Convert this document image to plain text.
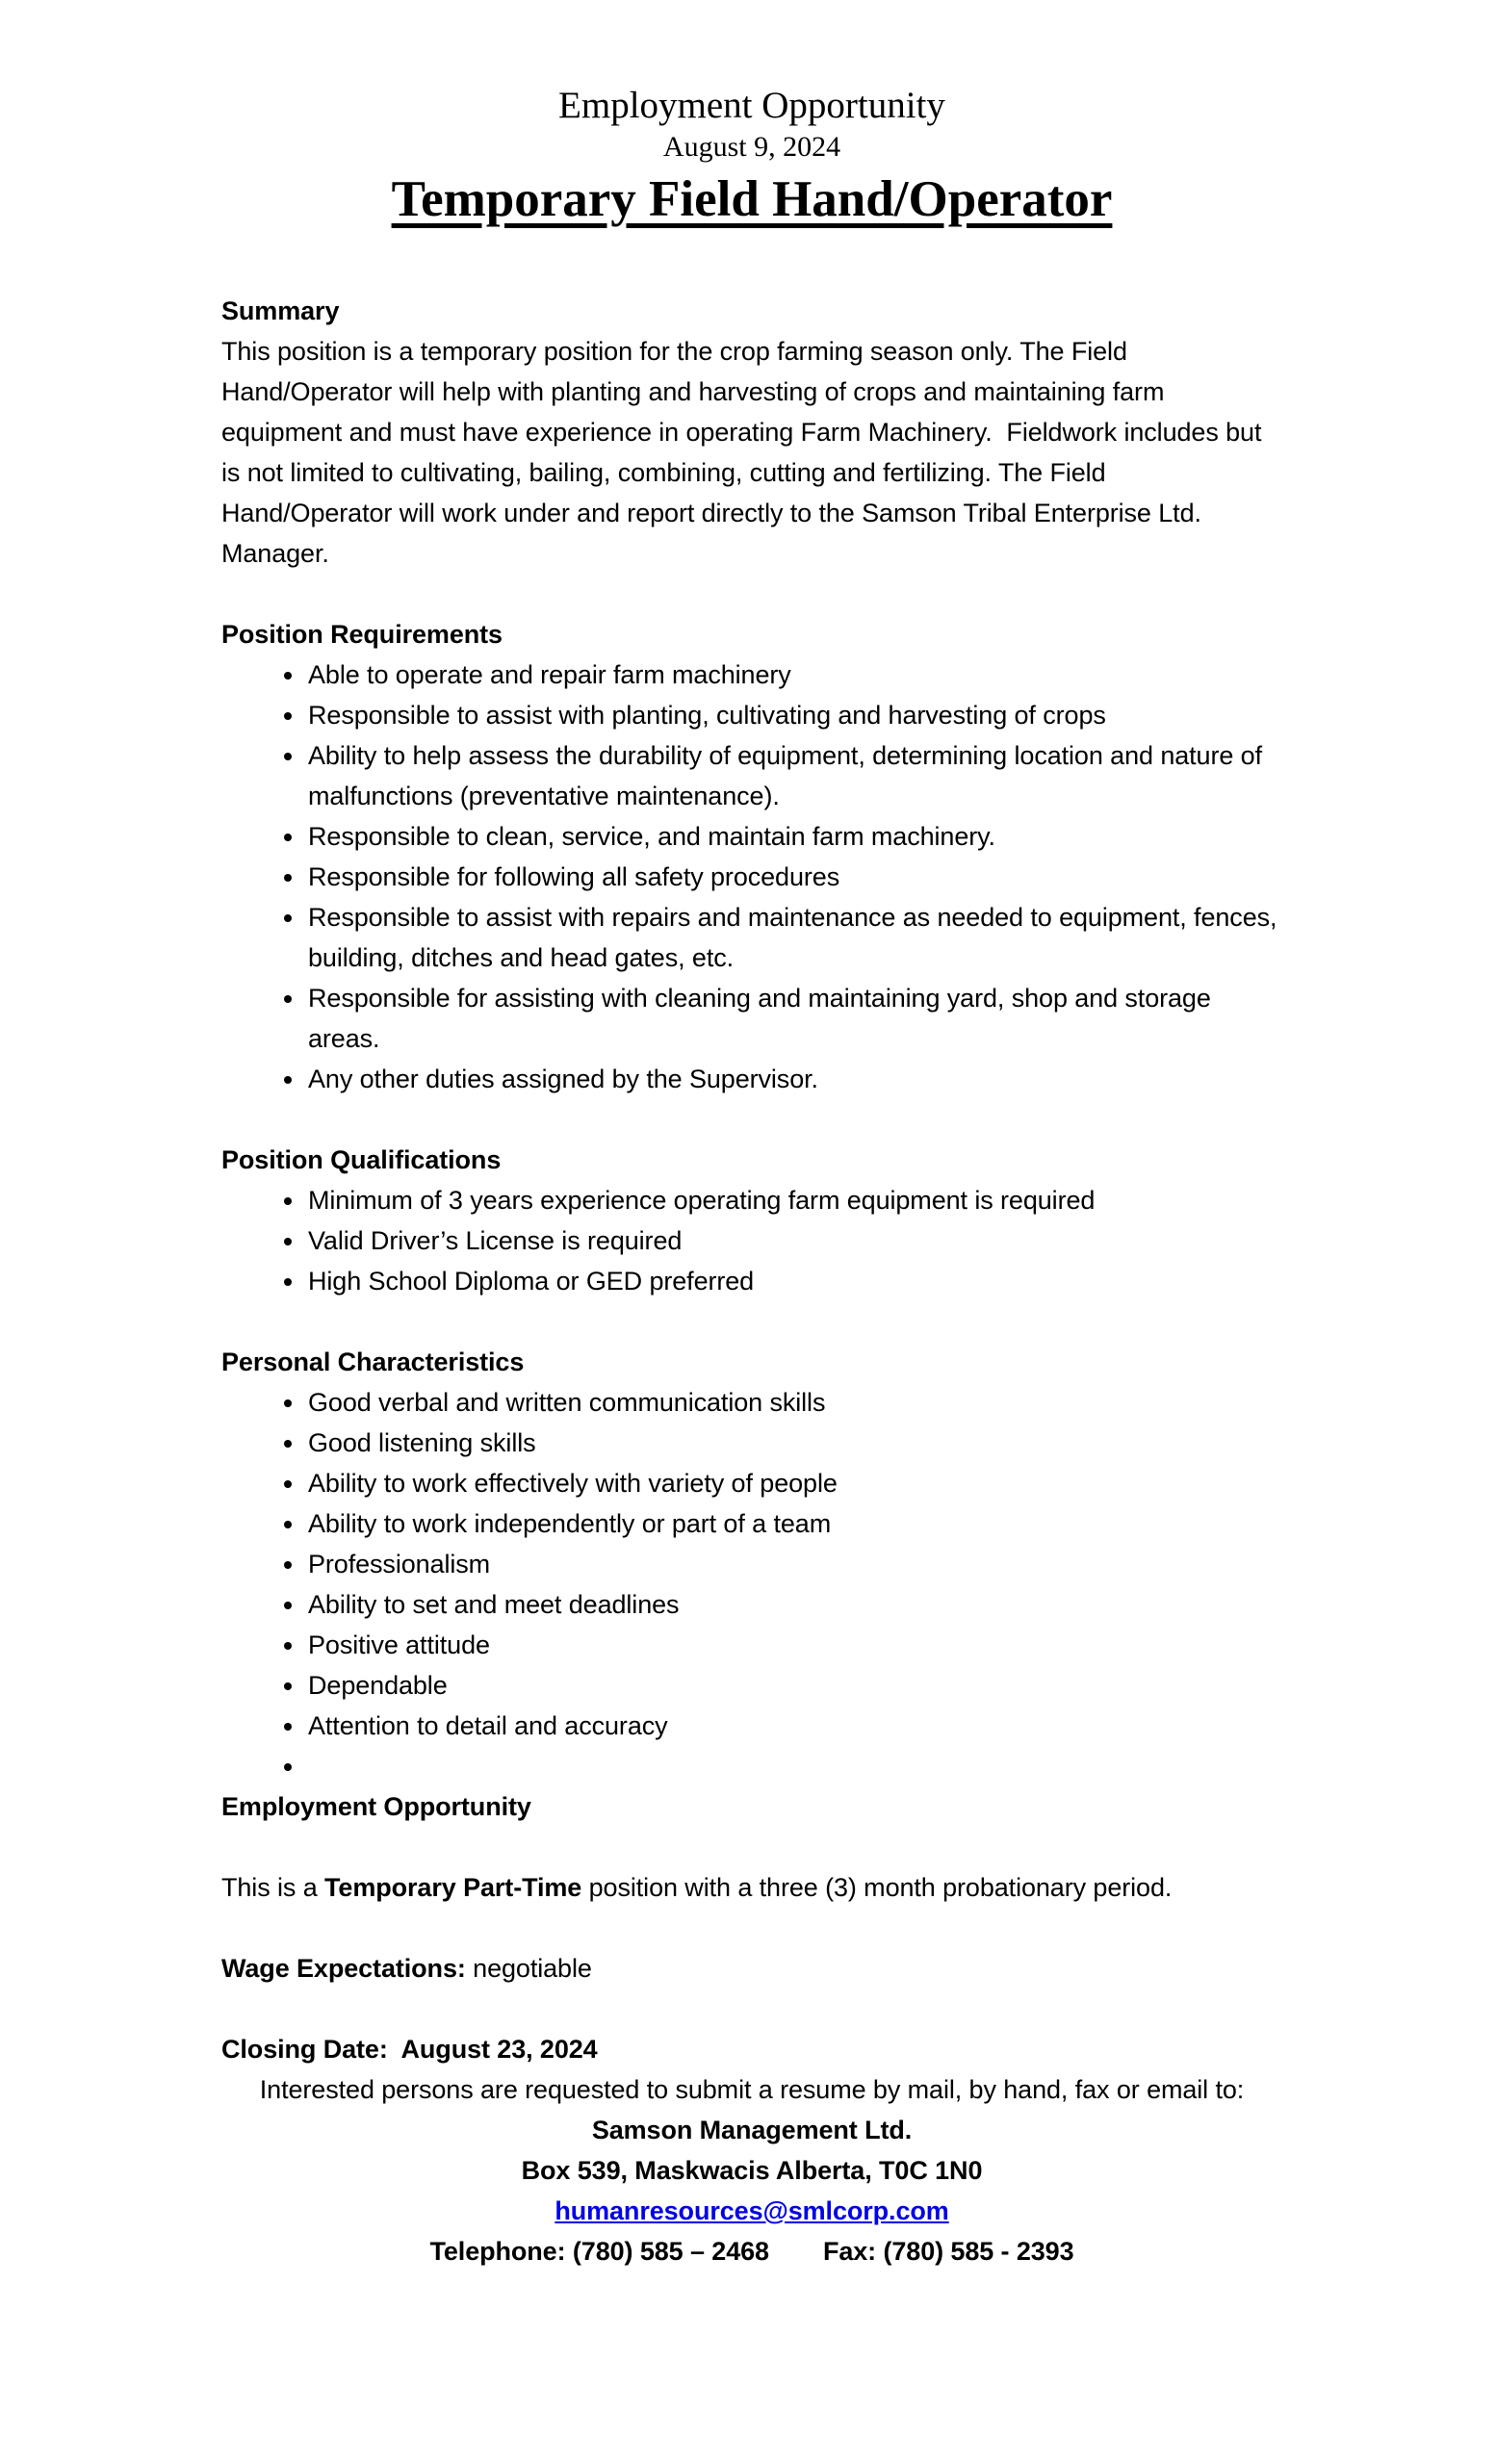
Employment Opportunity
August 9, 2024
Temporary Field Hand/Operator
Summary

This position is a temporary position for the crop farming season only. The Field Hand/Operator will help with planting and harvesting of crops and maintaining farm equipment and must have experience in operating Farm Machinery.  Fieldwork includes but is not limited to cultivating, bailing, combining, cutting and fertilizing. The Field Hand/Operator will work under and report directly to the Samson Tribal Enterprise Ltd. Manager.

Position Requirements
• Able to operate and repair farm machinery
• Responsible to assist with planting, cultivating and harvesting of crops
• Ability to help assess the durability of equipment, determining location and nature of malfunctions (preventative maintenance).
• Responsible to clean, service, and maintain farm machinery.
• Responsible for following all safety procedures
• Responsible to assist with repairs and maintenance as needed to equipment, fences, building, ditches and head gates, etc.
• Responsible for assisting with cleaning and maintaining yard, shop and storage areas.
• Any other duties assigned by the Supervisor.
Position Qualifications
• Minimum of 3 years experience operating farm equipment is required
• Valid Driver’s License is required
• High School Diploma or GED preferred
Personal Characteristics
• Good verbal and written communication skills
• Good listening skills
• Ability to work effectively with variety of people
• Ability to work independently or part of a team
• Professionalism
• Ability to set and meet deadlines
• Positive attitude
• Dependable
• Attention to detail and accuracy
•
Employment Opportunity

This is a Temporary Part-Time position with a three (3) month probationary period.

Wage Expectations: negotiable

Closing Date:  August 23, 2024

Interested persons are requested to submit a resume by mail, by hand, fax or email to:

Samson Management Ltd.

Box 539, Maskwacis Alberta, T0C 1N0

humanresources@smlcorp.com

Telephone: (780) 585 – 2468 Fax: (780) 585 - 2393
